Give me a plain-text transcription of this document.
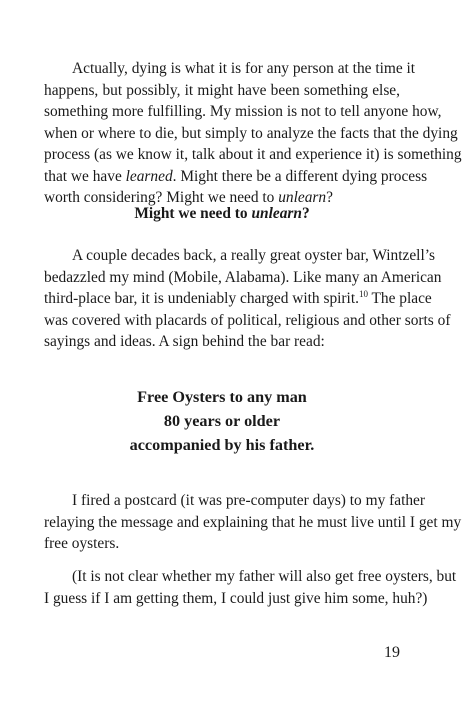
Actually, dying is what it is for any person at the time it
happens, but possibly, it might have been something else,
something more fulfilling. My mission is not to tell anyone how,
when or where to die, but simply to analyze the facts that the dying
process (as we know it, talk about it and experience it) is something
that we have learned. Might there be a different dying process
worth considering? Might we need to unlearn?

Might we need to unlearn?

A couple decades back, a really great oyster bar, Wintzell’s
bedazzled my mind (Mobile, Alabama). Like many an American
third-place bar, it is undeniably charged with spirit.$^{10}$ The place
was covered with placards of political, religious and other sorts of
sayings and ideas. A sign behind the bar read:

Free Oysters to any man
80 years or older
accompanied by his father.

I fired a postcard (it was pre-computer days) to my father
relaying the message and explaining that he must live until I get my
free oysters.

(It is not clear whether my father will also get free oysters, but
I guess if I am getting them, I could just give him some, huh?)

19
